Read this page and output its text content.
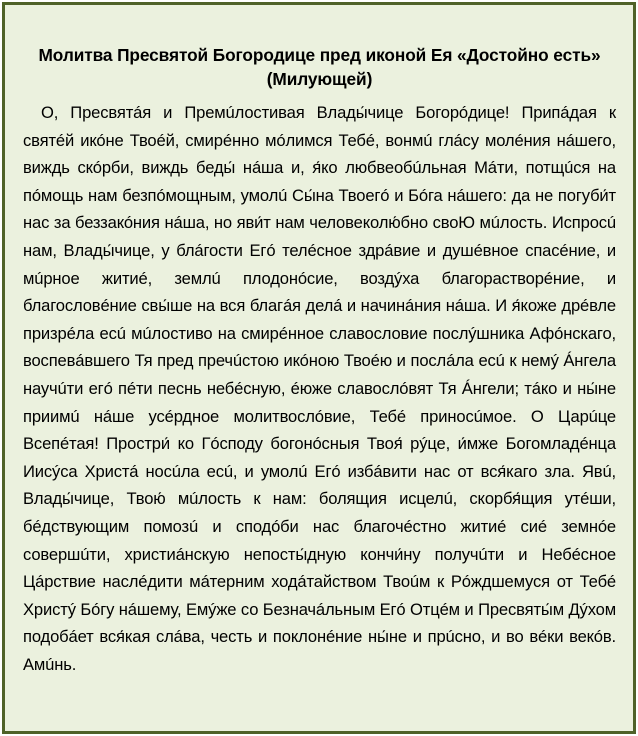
Молитва Пресвятой Богородице пред иконой Ея «Достойно есть» (Милующей)

О, Пресвятáя и Премúлостивая Влады́чице Богорóдице! Припáдая к святéй икóне Твоéй, смирéнно мóлимся Тебé, вонмú глáсу молéния нáшего, виждь скóрби, виждь беды́ нáша и, я́ко любвеобúльная Мáти, потщúся на пóмощь нам безпóмощным, умолú Сы́на Твоегó и Бóга нáшего: да не погуби́т нас за беззакóния нáша, но яви́т нам человеколю́бно своЮ мúлость. Испросú нам, Влады́чице, у блáгости Егó телéсное здрáвие и душéвное спасéние, и мúрное житиé, землú плодонóсие, воздýха благорастворéние, и благословéние свы́ше на вся благáя делá и начинáния нáша. И я́коже дрéвле призрéла есú мúлостиво на смирéнное славословие послýшника Афóнскаго, воспевáвшего Тя пред пречúстою икóною Твоéю и послáла есú к немý Áнгела научúти егó пéти песнь небéсную, éюже славослóвят Тя Áнгели; тáко и ны́не приимú нáше усéрдное молитвослóвие, Тебé приносúмое. О Царúце Всепéтая! Простри́ ко Гóсподу богонóсныя Твоя́ рýце, и́мже Богомладéнца Иисýса Христá носúла есú, и умолú Егó избáвити нас от вся́каго зла. Явú, Влады́чице, Твою́ мúлость к нам: болящия исцелú, скорбя́щия утéши, бéдствующим помозú и сподóби нас благочéстно житиé сиé земнóе совершúти, христиáнскую непосты́дную кончи́ну получúти и Небéсное Цáрствие наслéдити мáтерним ходáтайством Твоúм к Рóждшемуся от Тебé Христý Бóгу нáшему, Емýже со Безначáльным Егó Отцéм и Пресвяты́м Дýхом подобáет вся́кая слáва, честь и поклонéние ны́не и прúсно, и во вéки векóв. Амúнь.
